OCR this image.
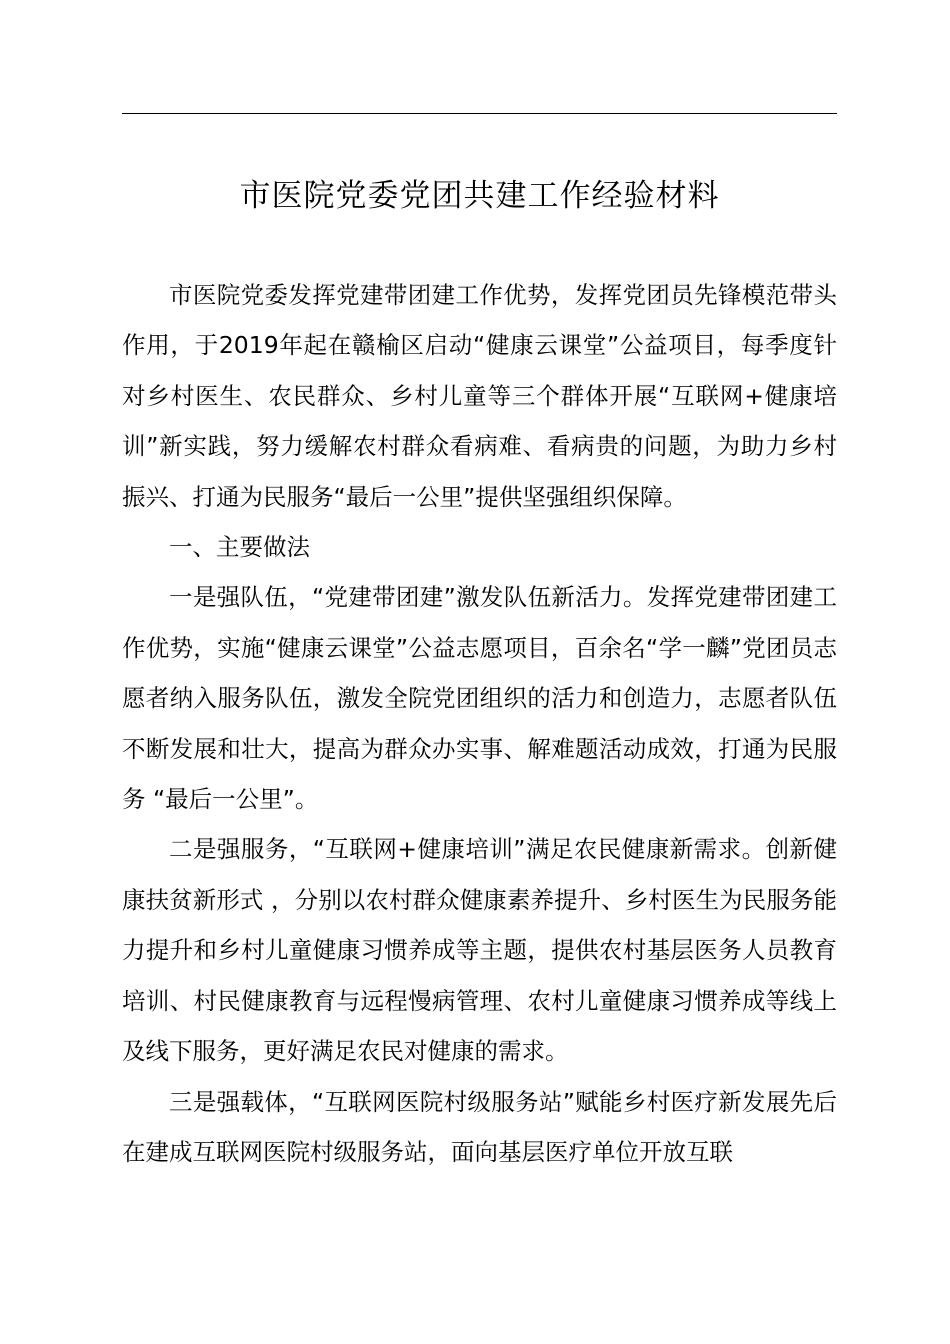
市医院党委党团共建工作经验材料

市医院党委发挥党建带团建工作优势，发挥党团员先锋模范带头作用，于2019年起在赣榆区启动“健康云课堂”公益项目，每季度针对乡村医生、农民群众、乡村儿童等三个群体开展“互联网+健康培训”新实践，努力缓解农村群众看病难、看病贵的问题，为助力乡村振兴、打通为民服务“最后一公里”提供坚强组织保障。

一、主要做法

一是强队伍，“党建带团建”激发队伍新活力。发挥党建带团建工作优势，实施“健康云课堂”公益志愿项目，百余名“学一麟”党团员志愿者纳入服务队伍，激发全院党团组织的活力和创造力，志愿者队伍不断发展和壮大，提高为群众办实事、解难题活动成效，打通为民服务 “最后一公里”。

二是强服务，“互联网+健康培训”满足农民健康新需求。创新健康扶贫新形式 ，分别以农村群众健康素养提升、乡村医生为民服务能力提升和乡村儿童健康习惯养成等主题，提供农村基层医务人员教育培训、村民健康教育与远程慢病管理、农村儿童健康习惯养成等线上及线下服务，更好满足农民对健康的需求。

三是强载体，“互联网医院村级服务站”赋能乡村医疗新发展先后在建成互联网医院村级服务站，面向基层医疗单位开放互联
